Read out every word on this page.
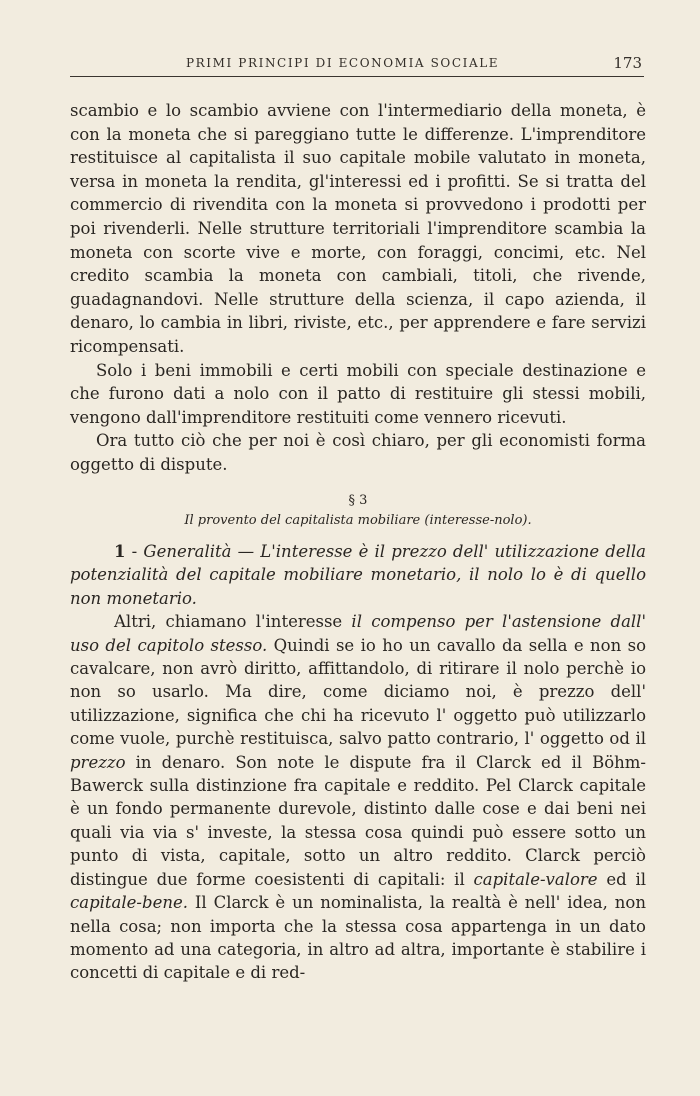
PRIMI PRINCIPI DI ECONOMIA SOCIALE	173

scambio e lo scambio avviene con l'intermediario della moneta, è con la moneta che si pareggiano tutte le differenze. L'imprenditore restituisce al capitalista il suo capitale mobile valutato in moneta, versa in moneta la rendita, gl'interessi ed i profitti. Se si tratta del commercio di rivendita con la moneta si provvedono i prodotti per poi rivenderli. Nelle strutture territoriali l'imprenditore scambia la moneta con scorte vive e morte, con foraggi, concimi, etc. Nel credito scambia la moneta con cambiali, titoli, che rivende, guadagnandovi. Nelle strutture della scienza, il capo azienda, il denaro, lo cambia in libri, riviste, etc., per apprendere e fare servizi ricompensati.

Solo i beni immobili e certi mobili con speciale destinazione e che furono dati a nolo con il patto di restituire gli stessi mobili, vengono dall'imprenditore restituiti come vennero ricevuti.

Ora tutto ciò che per noi è così chiaro, per gli economisti forma oggetto di dispute.

§ 3
Il provento del capitalista mobiliare (interesse-nolo).

1 - Generalità — L'interesse è il prezzo dell' utilizzazione della potenzialità del capitale mobiliare monetario, il nolo lo è di quello non monetario.

Altri, chiamano l'interesse il compenso per l'astensione dall' uso del capitolo stesso. Quindi se io ho un cavallo da sella e non so cavalcare, non avrò diritto, affittandolo, di ritirare il nolo perchè io non so usarlo. Ma dire, come diciamo noi, è prezzo dell' utilizzazione, significa che chi ha ricevuto l' oggetto può utilizzarlo come vuole, purchè restituisca, salvo patto contrario, l' oggetto od il prezzo in denaro. Son note le dispute fra il Clarck ed il Böhm-Bawerck sulla distinzione fra capitale e reddito. Pel Clarck capitale è un fondo permanente durevole, distinto dalle cose e dai beni nei quali via via s' investe, la stessa cosa quindi può essere sotto un punto di vista, capitale, sotto un altro reddito. Clarck perciò distingue due forme coesistenti di capitali: il capitale-valore ed il capitale-bene. Il Clarck è un nominalista, la realtà è nell' idea, non nella cosa; non importa che la stessa cosa appartenga in un dato momento ad una categoria, in altro ad altra, importante è stabilire i concetti di capitale e di red-
